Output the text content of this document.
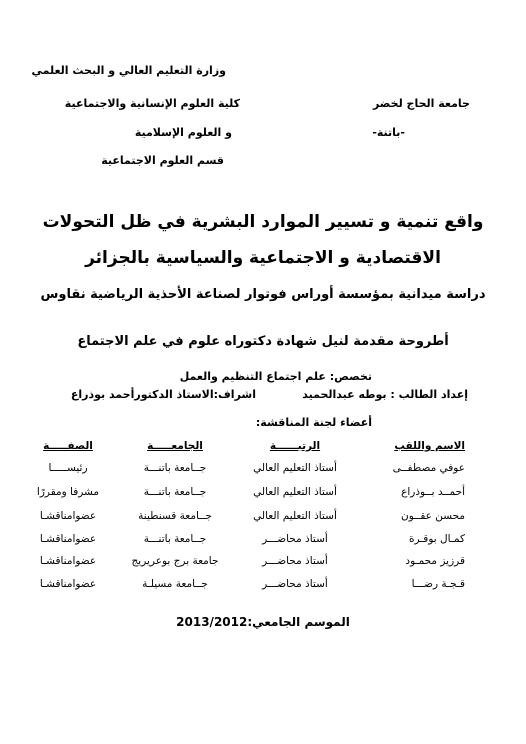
وزارة التعليم العالي و البحث العلمي
جامعة الحاج لخضر
كلية العلوم الإنسانية والاجتماعية
-باتنة-
و العلوم الإسلامية
قسم العلوم الاجتماعية
واقع تنمية و تسيير الموارد البشرية في ظل التحولات
الاقتصادية و الاجتماعية والسياسية بالجزائر
دراسة ميدانية بمؤسسة أوراس فوتوار لصناعة الأحذية الرياضية نقاوس
أطروحة مقدمة لنيل شهادة دكتوراه علوم في علم الاجتماع
تخصص: علم اجتماع التنظيم والعمل
إعداد الطالب : بوطه عبدالحميد
اشراف:الاستاذ الدكتورأحمد بوذراع
أعضاء لجنة المناقشة:
الاسم واللقب
الرتبــــــة
الجامعـــــة
الصفـــــة
عوفي مصطفــى
أستاذ التعليم العالي
جــامعة باتنـــة
رئيســـــا
أحمــد بــوذراع
أستاذ التعليم العالي
جــامعة باتنـــة
مشرفا ومقررًا
محسن عقــون
أستاذ التعليم العالي
جــامعة قسنطينة
عضوامناقشـا
كمـال بوقـرة
أستاذ محاضـــر
جــامعة باتنـــة
عضوامناقشـا
قرزيز محمـود
أستاذ محاضـــر
جامعة برج بوعريريج
عضوامناقشـا
قـجـة رضـــا
أستاذ محاضـــر
جــامعة مسيلـة
عضوامناقشـا
الموسم الجامعي:2013/2012
